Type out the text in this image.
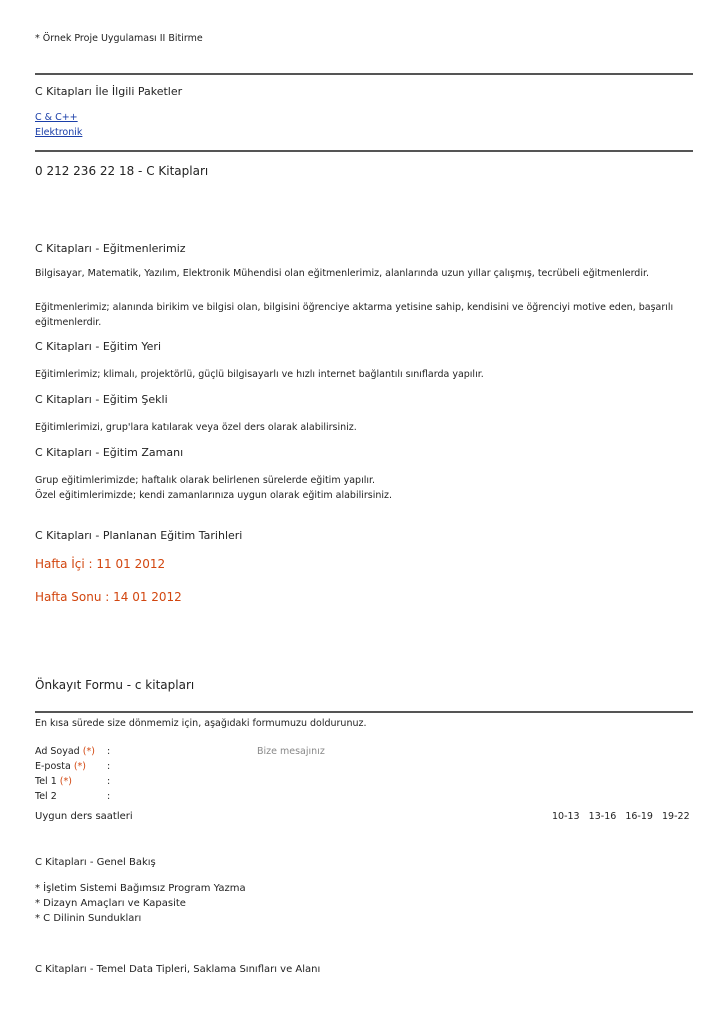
* Örnek Proje Uygulaması II Bitirme
C Kitapları İle İlgili Paketler
C & C++
Elektronik
0 212 236 22 18 - C Kitapları
C Kitapları - Eğitmenlerimiz
Bilgisayar, Matematik, Yazılım, Elektronik Mühendisi olan eğitmenlerimiz, alanlarında uzun yıllar çalışmış, tecrübeli eğitmenlerdir.
Eğitmenlerimiz; alanında birikim ve bilgisi olan, bilgisini öğrenciye aktarma yetisine sahip, kendisini ve öğrenciyi motive eden, başarılı
eğitmenlerdir.
C Kitapları - Eğitim Yeri
Eğitimlerimiz; klimalı, projektörlü, güçlü bilgisayarlı ve hızlı internet bağlantılı sınıflarda yapılır.
C Kitapları - Eğitim Şekli
Eğitimlerimizi, grup'lara katılarak veya özel ders olarak alabilirsiniz.
C Kitapları - Eğitim Zamanı
Grup eğitimlerimizde; haftalık olarak belirlenen sürelerde eğitim yapılır.
Özel eğitimlerimizde; kendi zamanlarınıza uygun olarak eğitim alabilirsiniz.
C Kitapları - Planlanan Eğitim Tarihleri
Hafta İçi : 11 01 2012
Hafta Sonu : 14 01 2012
Önkayıt Formu - c kitapları
En kısa sürede size dönmemiz için, aşağıdaki formumuzu doldurunuz.
Ad Soyad (*) :
E-posta (*) :
Tel 1 (*)	:
Tel 2	:
Bize mesajınız
Uygun ders saatleri	10-13 13-16 16-19 19-22
C Kitapları - Genel Bakış
* İşletim Sistemi Bağımsız Program Yazma
* Dizayn Amaçları ve Kapasite
* C Dilinin Sundukları
C Kitapları - Temel Data Tipleri, Saklama Sınıfları ve Alanı
